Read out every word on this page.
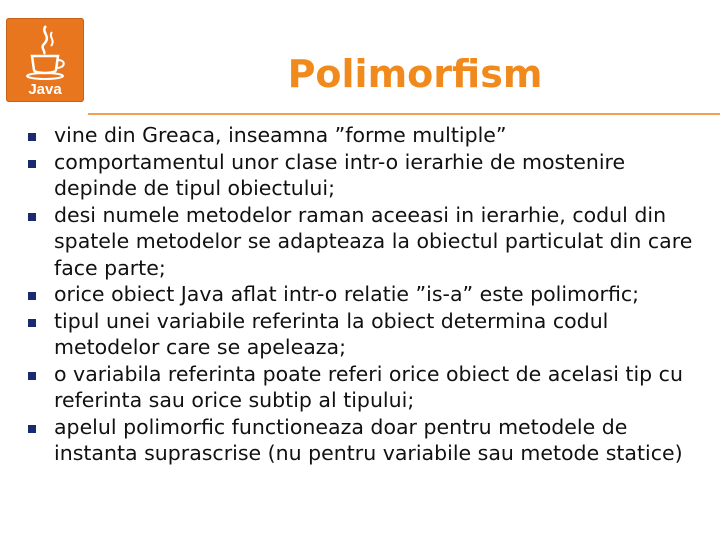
Java	Polimorfism
vine din Greaca, inseamna ”forme multiple”
comportamentul unor clase intr-o ierarhie de mostenire depinde de tipul obiectului;
desi numele metodelor raman aceeasi in ierarhie, codul din spatele metodelor se adapteaza la obiectul particulat din care face parte;
orice obiect Java aflat intr-o relatie ”is-a” este polimorfic;
tipul unei variabile referinta la obiect determina codul metodelor care se apeleaza;
o variabila referinta poate referi orice obiect de acelasi tip cu referinta sau orice subtip al tipului;
apelul polimorfic functioneaza doar pentru metodele de instanta suprascrise (nu pentru variabile sau metode statice)
